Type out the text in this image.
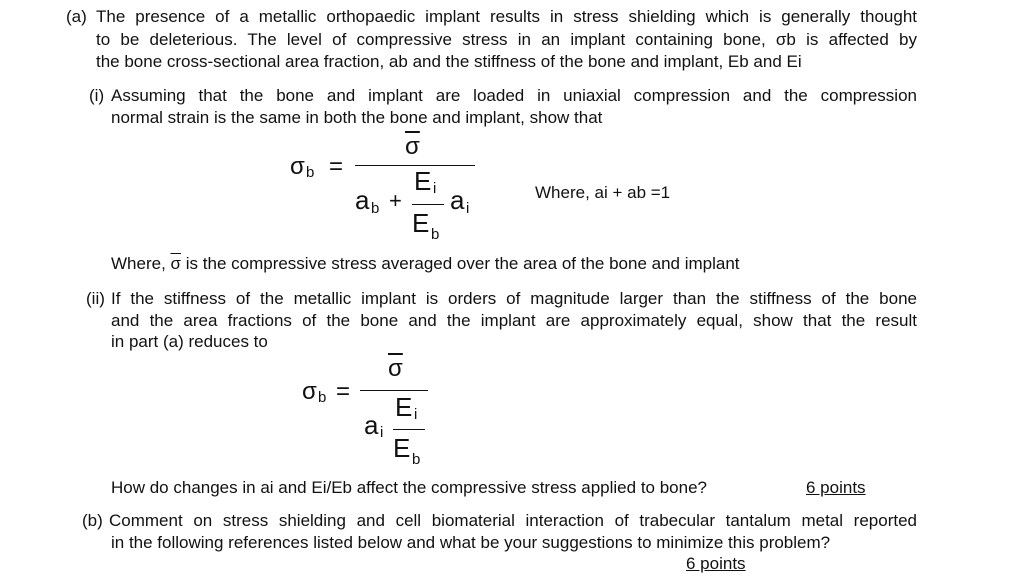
(a) The presence of a metallic orthopaedic implant results in stress shielding which is generally thought
to be deleterious. The level of compressive stress in an implant containing bone, σb is affected by
the bone cross-sectional area fraction, ab and the stiffness of the bone and implant, Eb and Ei
(i) Assuming that the bone and implant are loaded in uniaxial compression and the compression
normal strain is the same in both the bone and implant, show that
σ b =
$\overline{\sigma}$
a b +
E i
E b
a i
Where, ai + ab =1
Where, $\overline{\sigma}$ is the compressive stress averaged over the area of the bone and implant
(ii) If the stiffness of the metallic implant is orders of magnitude larger than the stiffness of the bone
and the area fractions of the bone and the implant are approximately equal, show that the result
in part (a) reduces to
σ b =
$\overline{\sigma}$
a i
E i
E b
How do changes in ai and Ei/Eb affect the compressive stress applied to bone?	6 points
(b) Comment on stress shielding and cell biomaterial interaction of trabecular tantalum metal reported
in the following references listed below and what be your suggestions to minimize this problem?
6 points
